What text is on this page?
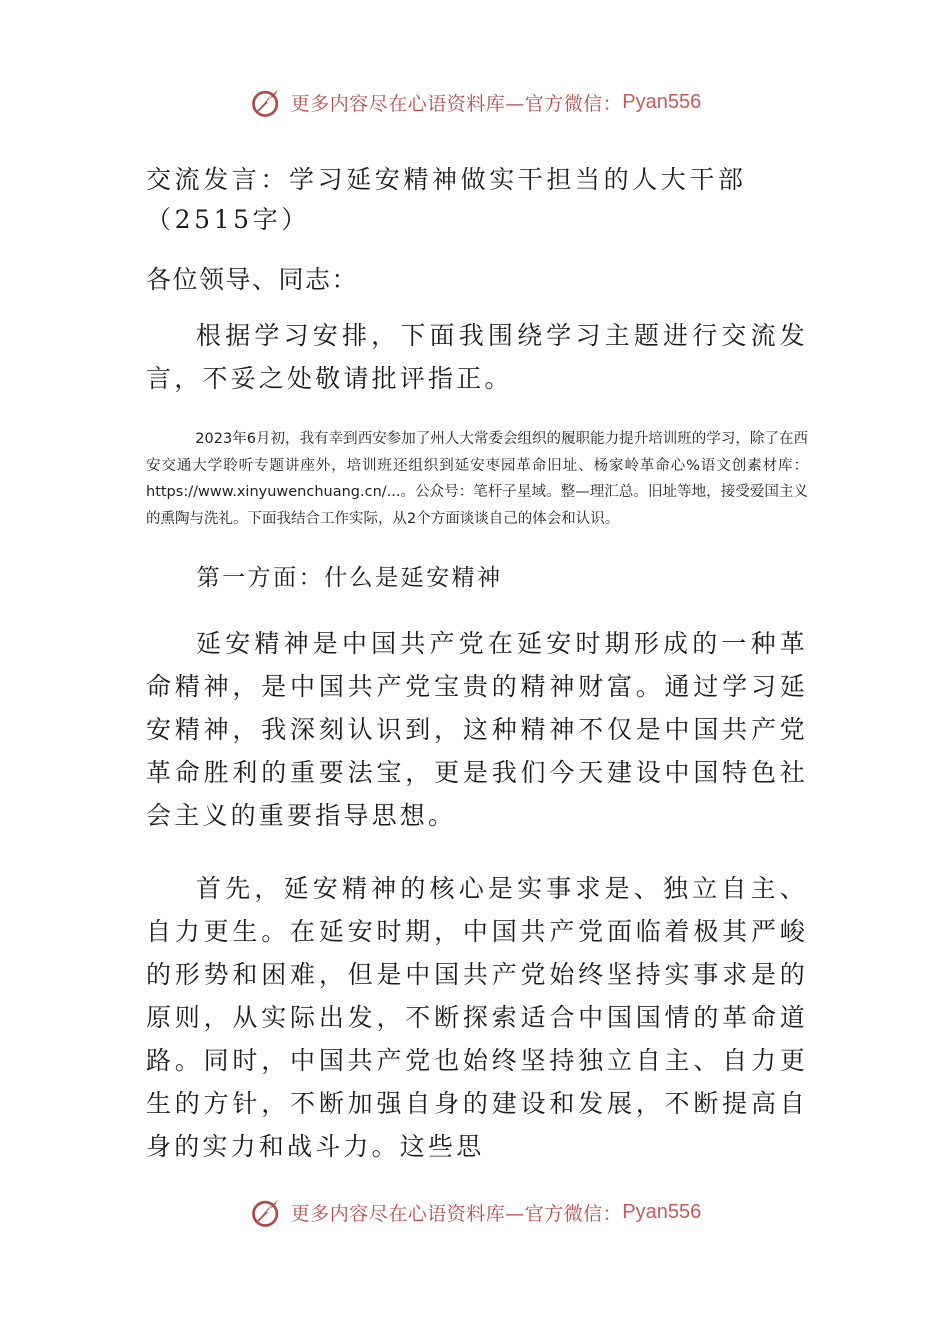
更多内容尽在心语资料库—官方微信： Pyan556
交流发言：学习延安精神做实干担当的人大干部（2515字）

各位领导、同志：

根据学习安排，下面我围绕学习主题进行交流发言，不妥之处敬请批评指正。

2023年6月初，我有幸到西安参加了州人大常委会组织的履职能力提升培训班的学习，除了在西安交通大学聆听专题讲座外，培训班还组织到延安枣园革命旧址、杨家岭革命心%语文创素材库：https://www.xinyuwenchuang.cn/...。公众号：笔杆子星域。整—理汇总。旧址等地，接受爱国主义的熏陶与洗礼。下面我结合工作实际，从2个方面谈谈自己的体会和认识。

第一方面：什么是延安精神

延安精神是中国共产党在延安时期形成的一种革命精神，是中国共产党宝贵的精神财富。通过学习延安精神，我深刻认识到，这种精神不仅是中国共产党革命胜利的重要法宝，更是我们今天建设中国特色社会主义的重要指导思想。

首先，延安精神的核心是实事求是、独立自主、自力更生。在延安时期，中国共产党面临着极其严峻的形势和困难，但是中国共产党始终坚持实事求是的原则，从实际出发，不断探索适合中国国情的革命道路。同时，中国共产党也始终坚持独立自主、自力更生的方针，不断加强自身的建设和发展，不断提高自身的实力和战斗力。这些思

更多内容尽在心语资料库—官方微信： Pyan556
